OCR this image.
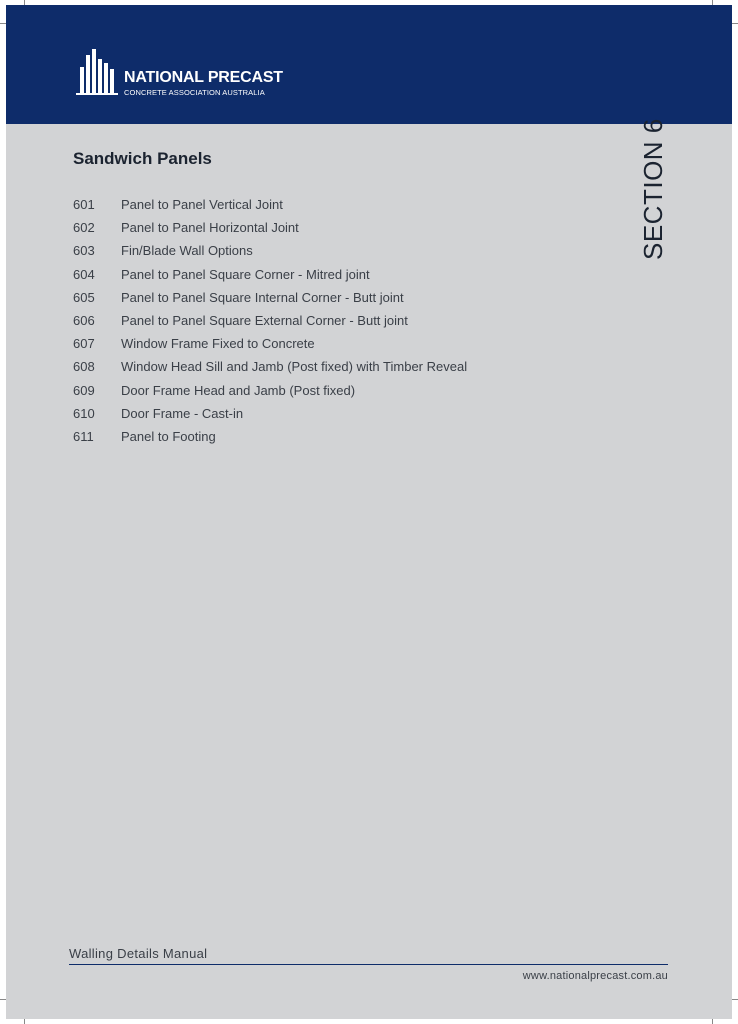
NATIONAL PRECAST
CONCRETE ASSOCIATION AUSTRALIA
SECTION 6
Sandwich Panels
601	Panel to Panel Vertical Joint
602	Panel to Panel Horizontal Joint
603	Fin/Blade Wall Options
604	Panel to Panel Square Corner - Mitred joint
605	Panel to Panel Square Internal Corner - Butt joint
606	Panel to Panel Square External Corner - Butt joint
607	Window Frame Fixed to Concrete
608	Window Head Sill and Jamb (Post fixed) with Timber Reveal
609	Door Frame Head and Jamb (Post fixed)
610	Door Frame - Cast-in
611	Panel to Footing
Walling Details Manual
www.nationalprecast.com.au
